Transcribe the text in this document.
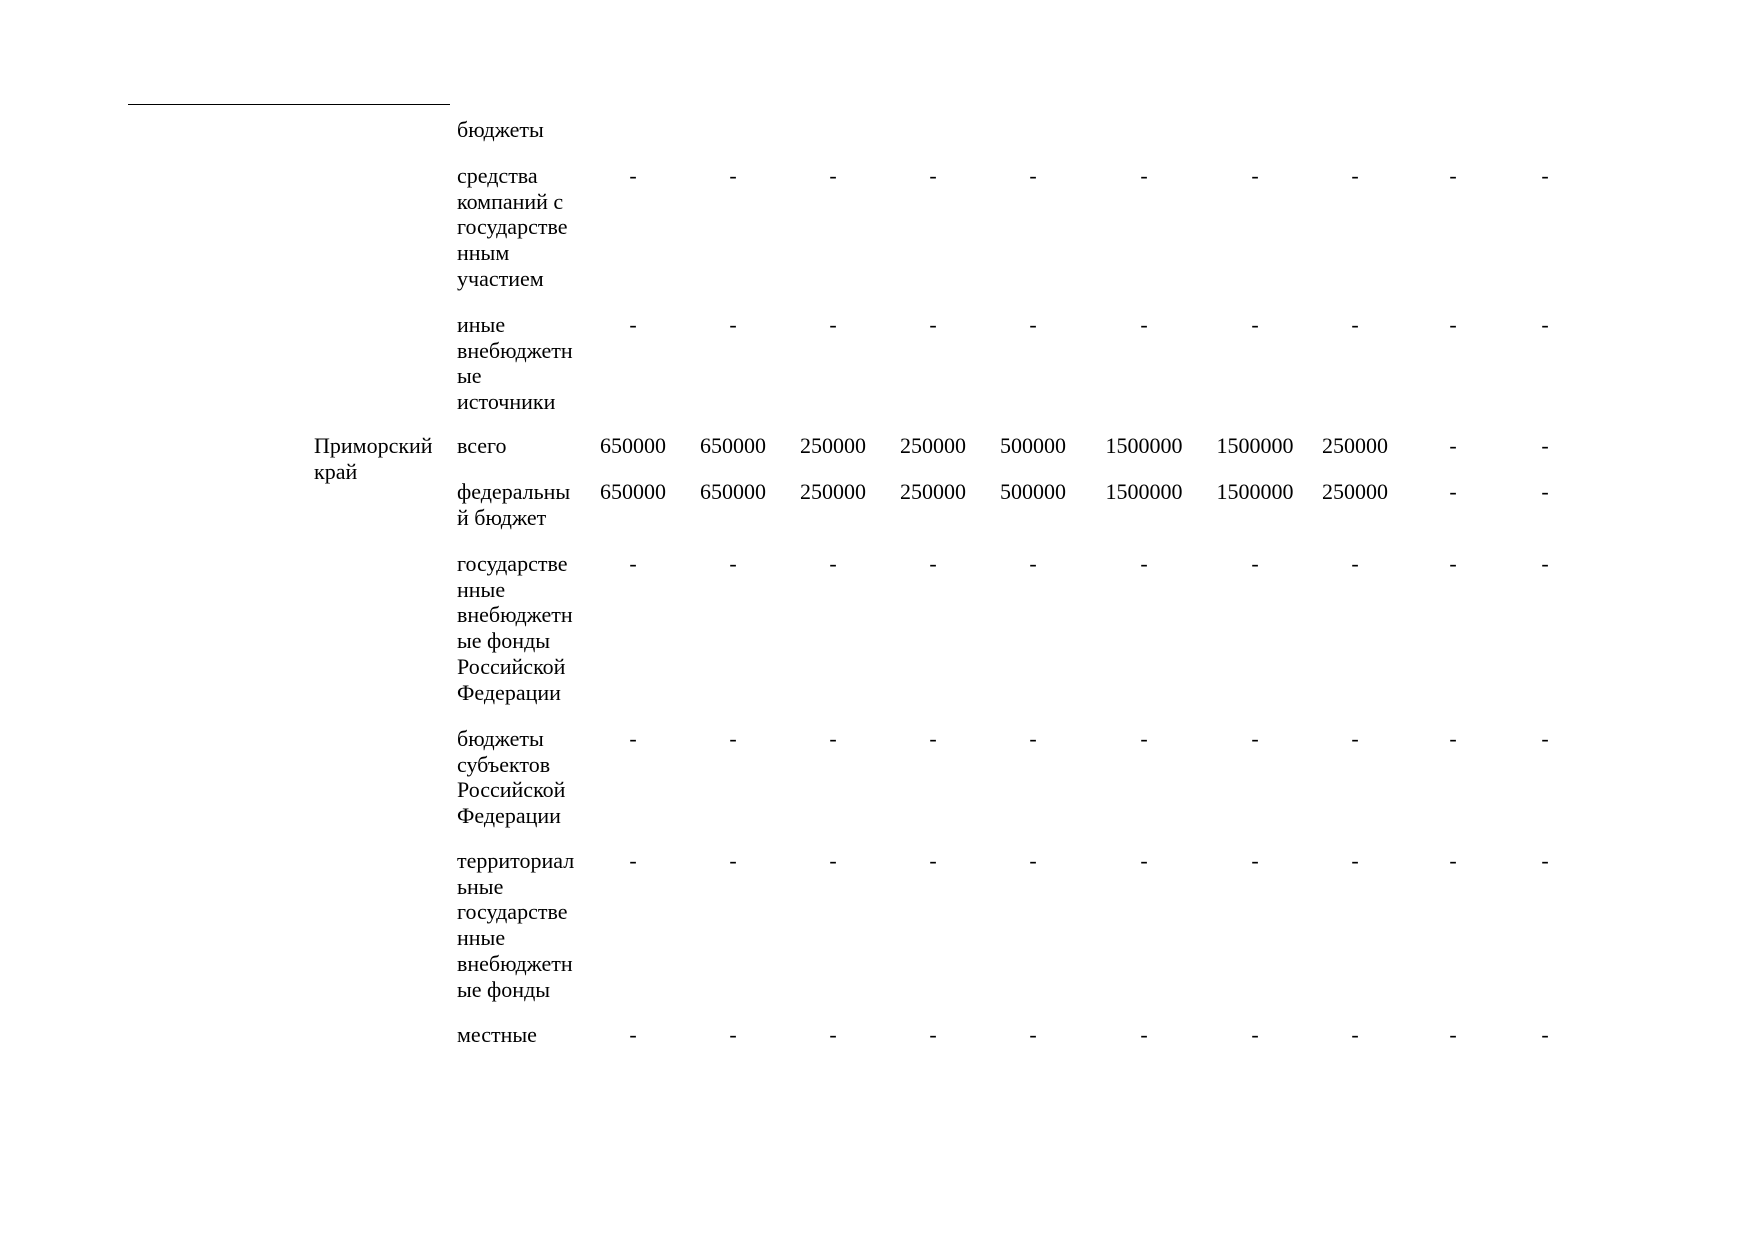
бюджеты
средства
компаний с
государстве
нным
участием
-	-	-	-	-	-	-	-	-	-
иные
внебюджетн
ые
источники
-	-	-	-	-	-	-	-	-	-
Приморский
край
всего	650000	650000	250000	250000	500000	1500000	1500000	250000	-	-
федеральны
й бюджет
650000	650000	250000	250000	500000	1500000	1500000	250000	-	-
государстве
нные
внебюджетн
ые фонды
Российской
Федерации
-	-	-	-	-	-	-	-	-	-
бюджеты
субъектов
Российской
Федерации
-	-	-	-	-	-	-	-	-	-
территориал
ьные
государстве
нные
внебюджетн
ые фонды
-	-	-	-	-	-	-	-	-	-
местные	-	-	-	-	-	-	-	-	-	-
